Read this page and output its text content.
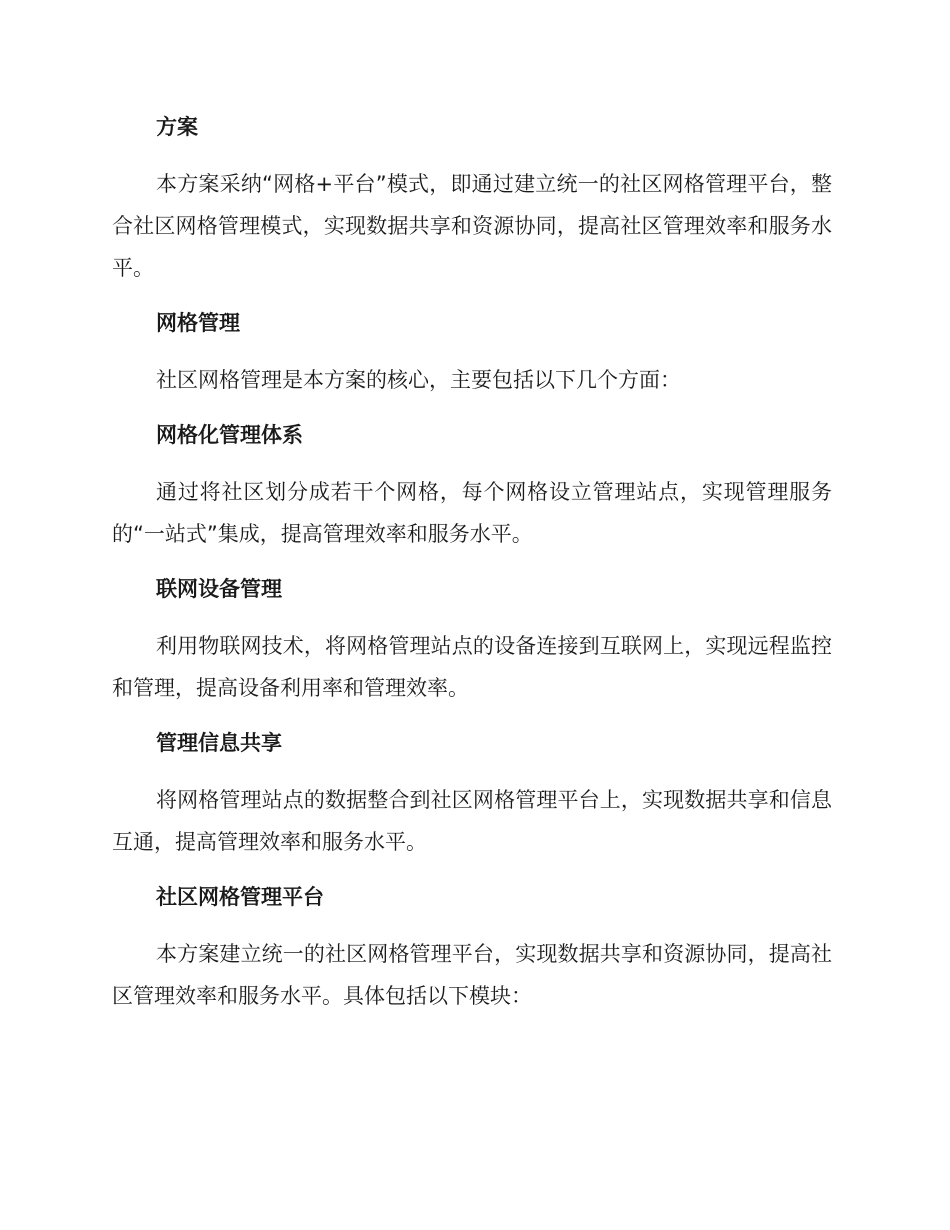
方案

本方案采纳“网格+平台”模式，即通过建立统一的社区网格管理平台，整合社区网格管理模式，实现数据共享和资源协同，提高社区管理效率和服务水平。

网格管理

社区网格管理是本方案的核心，主要包括以下几个方面：

网格化管理体系

通过将社区划分成若干个网格，每个网格设立管理站点，实现管理服务的“一站式”集成，提高管理效率和服务水平。

联网设备管理

利用物联网技术，将网格管理站点的设备连接到互联网上，实现远程监控和管理，提高设备利用率和管理效率。

管理信息共享

将网格管理站点的数据整合到社区网格管理平台上，实现数据共享和信息互通，提高管理效率和服务水平。

社区网格管理平台

本方案建立统一的社区网格管理平台，实现数据共享和资源协同，提高社区管理效率和服务水平。具体包括以下模块：
